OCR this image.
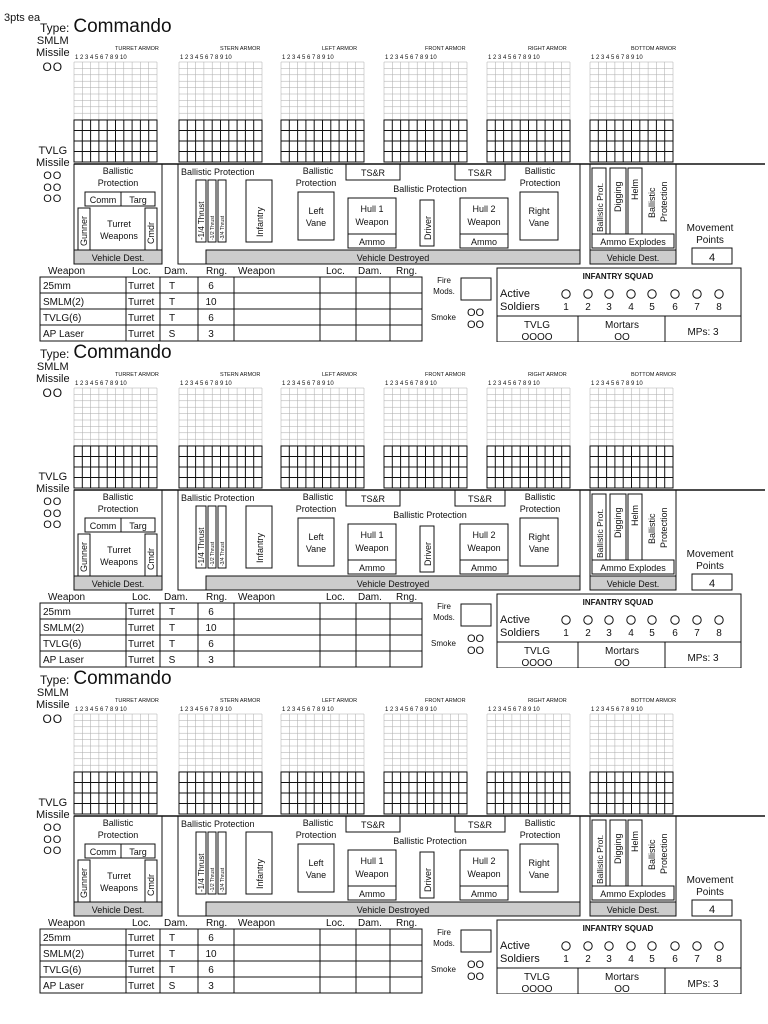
3pts ea
Type: Commando
SMLM
Missile
OO
TVLG
Missile
OO
OO
OO
TURRET ARMOR
1 2 3 4 5 6 7 8 9 10
STERN ARMOR
1 2 3 4 5 6 7 8 9 10
LEFT ARMOR
1 2 3 4 5 6 7 8 9 10
FRONT ARMOR
1 2 3 4 5 6 7 8 9 10
RIGHT ARMOR
1 2 3 4 5 6 7 8 9 10
BOTTOM ARMOR
1 2 3 4 5 6 7 8 9 10
Ballistic
Protection
Comm Targ
Gunner Turret
Weapons Cmdr
Vehicle Dest.
Ballistic Protection
-1/4 Thrust -1/2 Thrust -3/4 Thrust	Infantry
Ballistic
Protection
Left
Vane
TS&R	TS&R
Ballistic Protection
Hull 1
Weapon
Ammo
Driver
Hull 2
Weapon
Ammo
Ballistic
Protection
Right
Vane
Vehicle Destroyed
Ballistic Prot. Digging Helm Ballistic Protection
Ammo Explodes
Vehicle Dest.
Movement
Points
4
Weapon	Loc. Dam. Rng. Weapon	Loc. Dam. Rng.
25mm	Turret T	6
SMLM(2)	Turret T	10
TVLG(6)	Turret T	6
AP Laser	Turret S	3
Fire
Mods.
Smoke OO
OO
INFANTRY SQUAD
Active
Soldiers 1 2 3 4 5 6 7 8
TVLG
OOOO
Mortars
OO	MPs: 3
Type: Commando
SMLM
Missile
OO
TVLG
Missile
OO
OO
OO
TURRET ARMOR
1 2 3 4 5 6 7 8 9 10
STERN ARMOR
1 2 3 4 5 6 7 8 9 10
LEFT ARMOR
1 2 3 4 5 6 7 8 9 10
FRONT ARMOR
1 2 3 4 5 6 7 8 9 10
RIGHT ARMOR
1 2 3 4 5 6 7 8 9 10
BOTTOM ARMOR
1 2 3 4 5 6 7 8 9 10
Ballistic
Protection
Comm Targ
Gunner Turret
Weapons Cmdr
Vehicle Dest.
Ballistic Protection
-1/4 Thrust -1/2 Thrust -3/4 Thrust	Infantry
Ballistic
Protection
Left
Vane
TS&R	TS&R
Ballistic Protection
Hull 1
Weapon
Ammo
Driver
Hull 2
Weapon
Ammo
Ballistic
Protection
Right
Vane
Vehicle Destroyed
Ballistic Prot. Digging Helm Ballistic Protection
Ammo Explodes
Vehicle Dest.
Movement
Points
4
Weapon	Loc. Dam. Rng. Weapon	Loc. Dam. Rng.
25mm	Turret T	6
SMLM(2)	Turret T	10
TVLG(6)	Turret T	6
AP Laser	Turret S	3
Fire
Mods.
Smoke OO
OO
INFANTRY SQUAD
Active
Soldiers 1 2 3 4 5 6 7 8
TVLG
OOOO
Mortars
OO	MPs: 3
Type: Commando
SMLM
Missile
OO
TVLG
Missile
OO
OO
OO
TURRET ARMOR
1 2 3 4 5 6 7 8 9 10
STERN ARMOR
1 2 3 4 5 6 7 8 9 10
LEFT ARMOR
1 2 3 4 5 6 7 8 9 10
FRONT ARMOR
1 2 3 4 5 6 7 8 9 10
RIGHT ARMOR
1 2 3 4 5 6 7 8 9 10
BOTTOM ARMOR
1 2 3 4 5 6 7 8 9 10
Ballistic
Protection
Comm Targ
Gunner Turret
Weapons Cmdr
Vehicle Dest.
Ballistic Protection
-1/4 Thrust -1/2 Thrust -3/4 Thrust	Infantry
Ballistic
Protection
Left
Vane
TS&R	TS&R
Ballistic Protection
Hull 1
Weapon
Ammo
Driver
Hull 2
Weapon
Ammo
Ballistic
Protection
Right
Vane
Vehicle Destroyed
Ballistic Prot. Digging Helm Ballistic Protection
Ammo Explodes
Vehicle Dest.
Movement
Points
4
Weapon	Loc. Dam. Rng. Weapon	Loc. Dam. Rng.
25mm	Turret T	6
SMLM(2)	Turret T	10
TVLG(6)	Turret T	6
AP Laser	Turret S	3
Fire
Mods.
Smoke OO
OO
INFANTRY SQUAD
Active
Soldiers 1 2 3 4 5 6 7 8
TVLG
OOOO
Mortars
OO	MPs: 3
